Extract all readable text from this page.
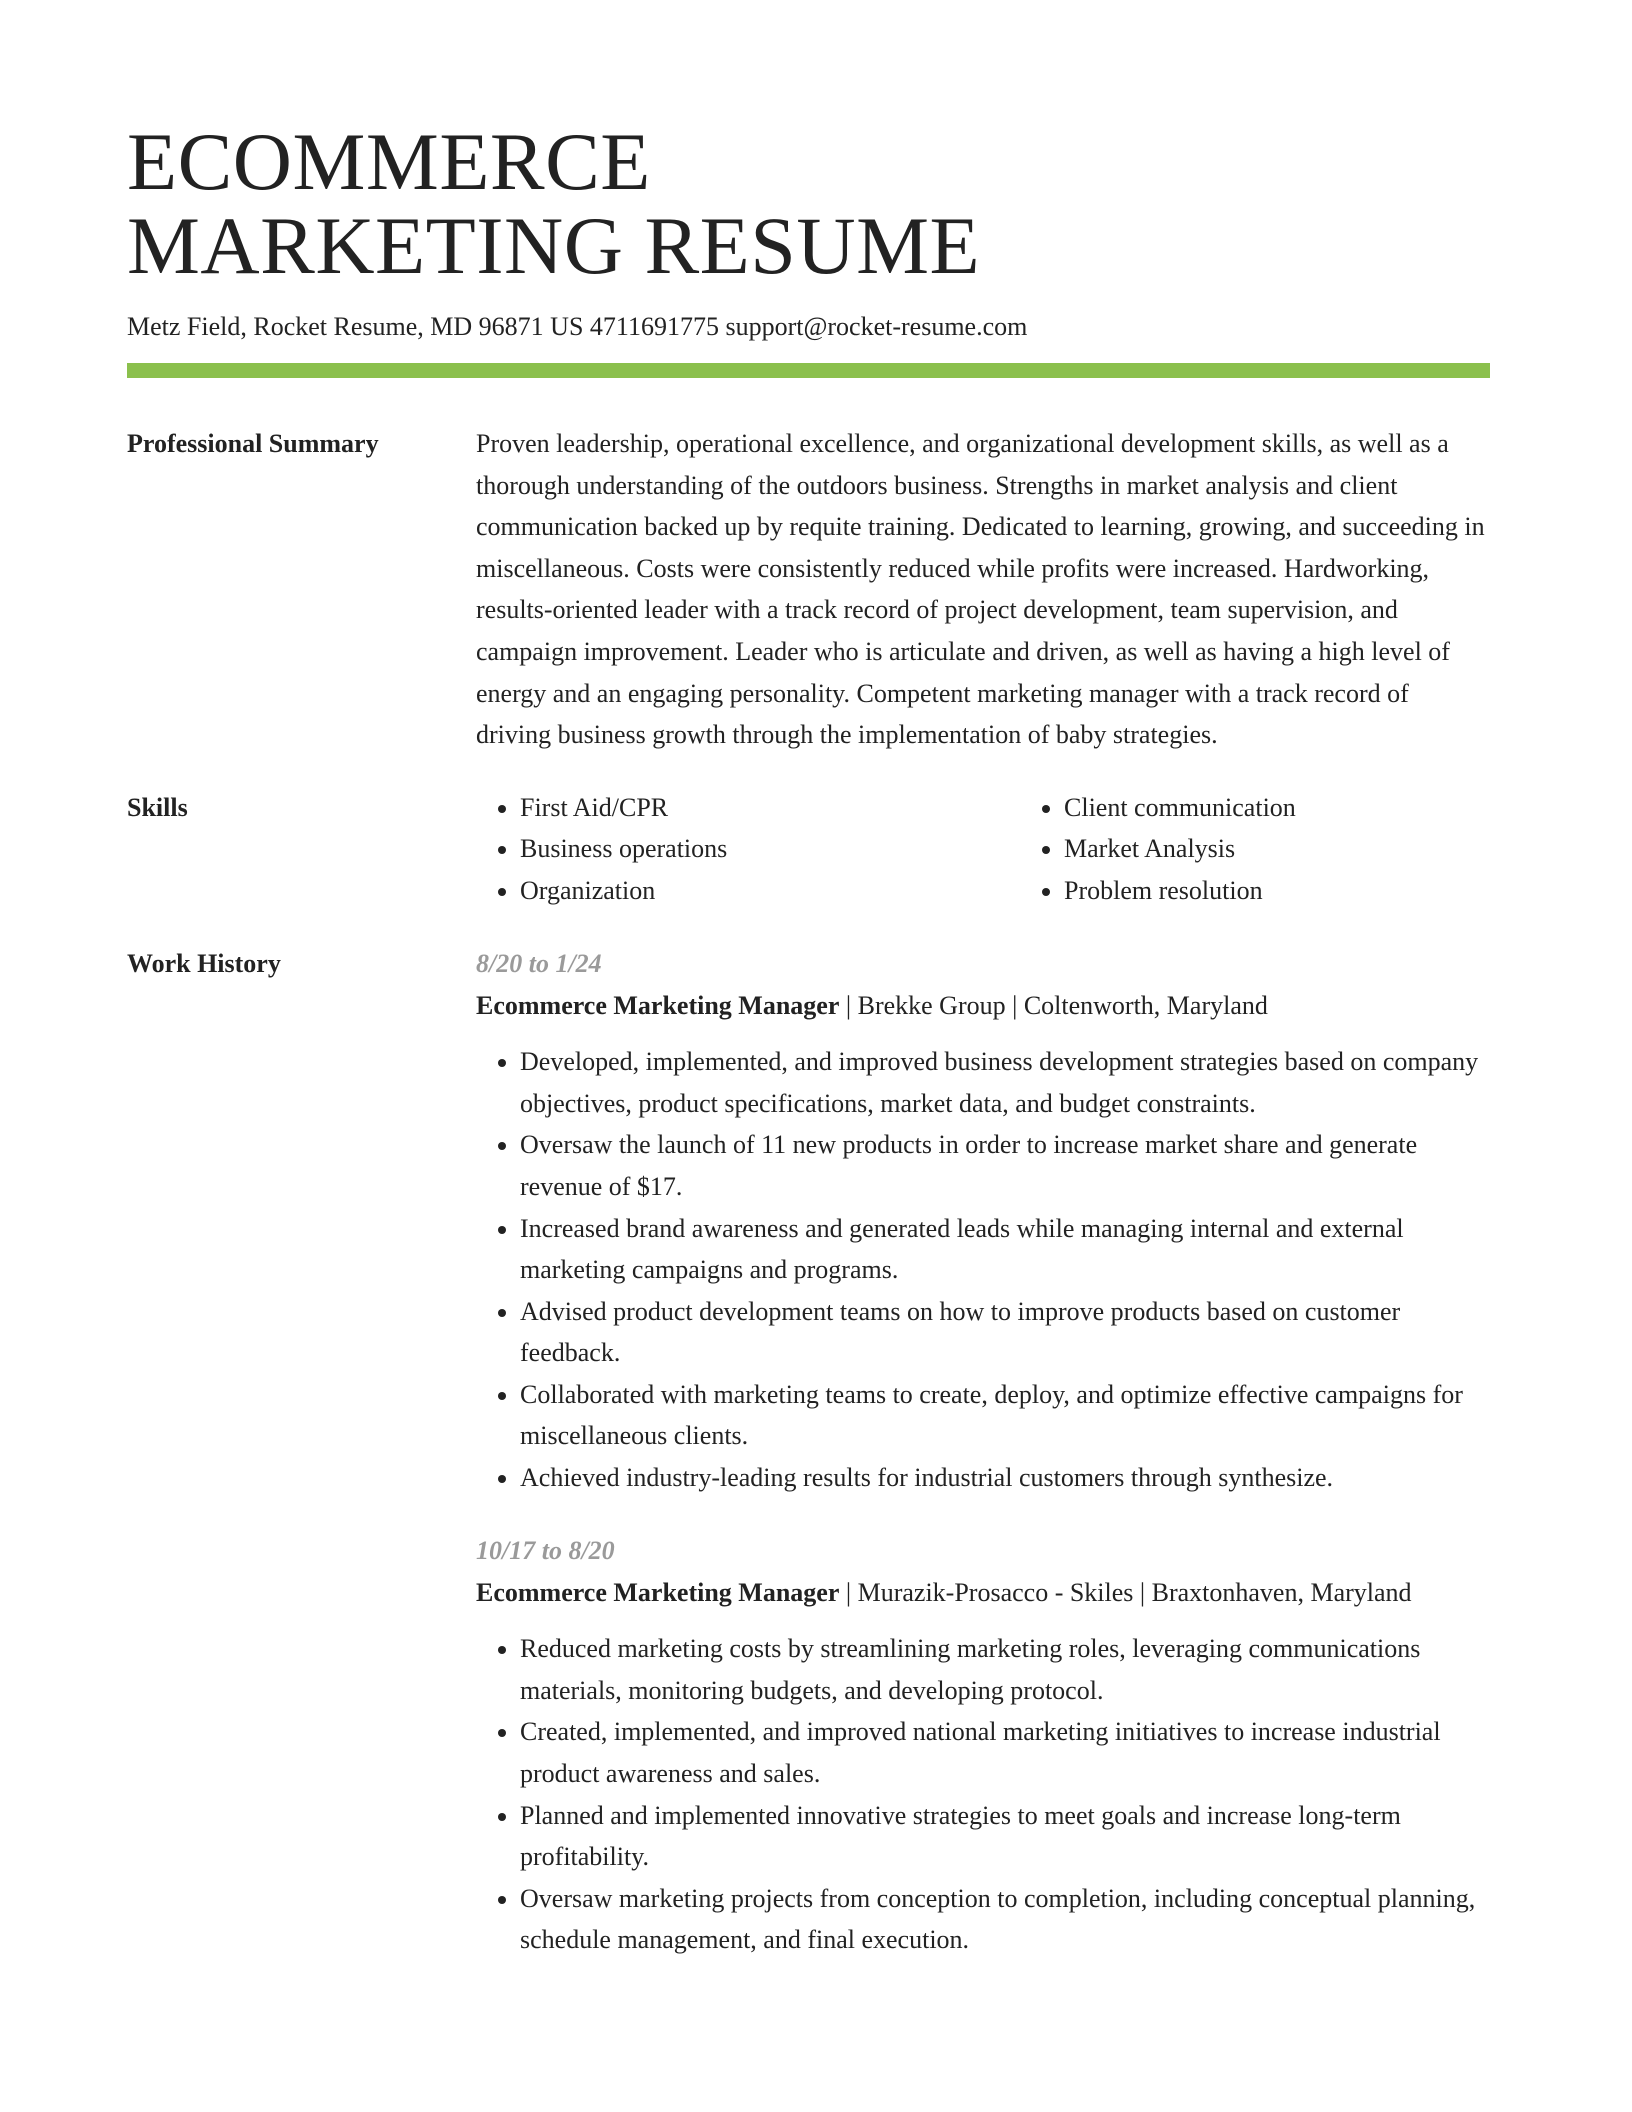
ECOMMERCE
MARKETING RESUME
Metz Field, Rocket Resume, MD 96871 US 4711691775 support@rocket-resume.com
Professional Summary	Proven leadership, operational excellence, and organizational development skills, as well as a thorough understanding of the outdoors business. Strengths in market analysis and client communication backed up by requite training. Dedicated to learning, growing, and succeeding in miscellaneous. Costs were consistently reduced while profits were increased. Hardworking, results-oriented leader with a track record of project development, team supervision, and campaign improvement. Leader who is articulate and driven, as well as having a high level of energy and an engaging personality. Competent marketing manager with a track record of driving business growth through the implementation of baby strategies.

Skills
•	First Aid/CPR
• Business operations
• Organization
• Client communication
• Market Analysis
• Problem resolution
Work History	8/20 to 1/24
Ecommerce Marketing Manager | Brekke Group | Coltenworth, Maryland
• Developed, implemented, and improved business development strategies based on company objectives, product specifications, market data, and budget constraints.
• Oversaw the launch of 11 new products in order to increase market share and generate revenue of $17.
• Increased brand awareness and generated leads while managing internal and external marketing campaigns and programs.
• Advised product development teams on how to improve products based on customer feedback.
• Collaborated with marketing teams to create, deploy, and optimize effective campaigns for miscellaneous clients.
• Achieved industry-leading results for industrial customers through synthesize.
10/17 to 8/20
Ecommerce Marketing Manager | Murazik-Prosacco - Skiles | Braxtonhaven, Maryland
• Reduced marketing costs by streamlining marketing roles, leveraging communications materials, monitoring budgets, and developing protocol.
• Created, implemented, and improved national marketing initiatives to increase industrial product awareness and sales.
• Planned and implemented innovative strategies to meet goals and increase long-term profitability.
• Oversaw marketing projects from conception to completion, including conceptual planning, schedule management, and final execution.
